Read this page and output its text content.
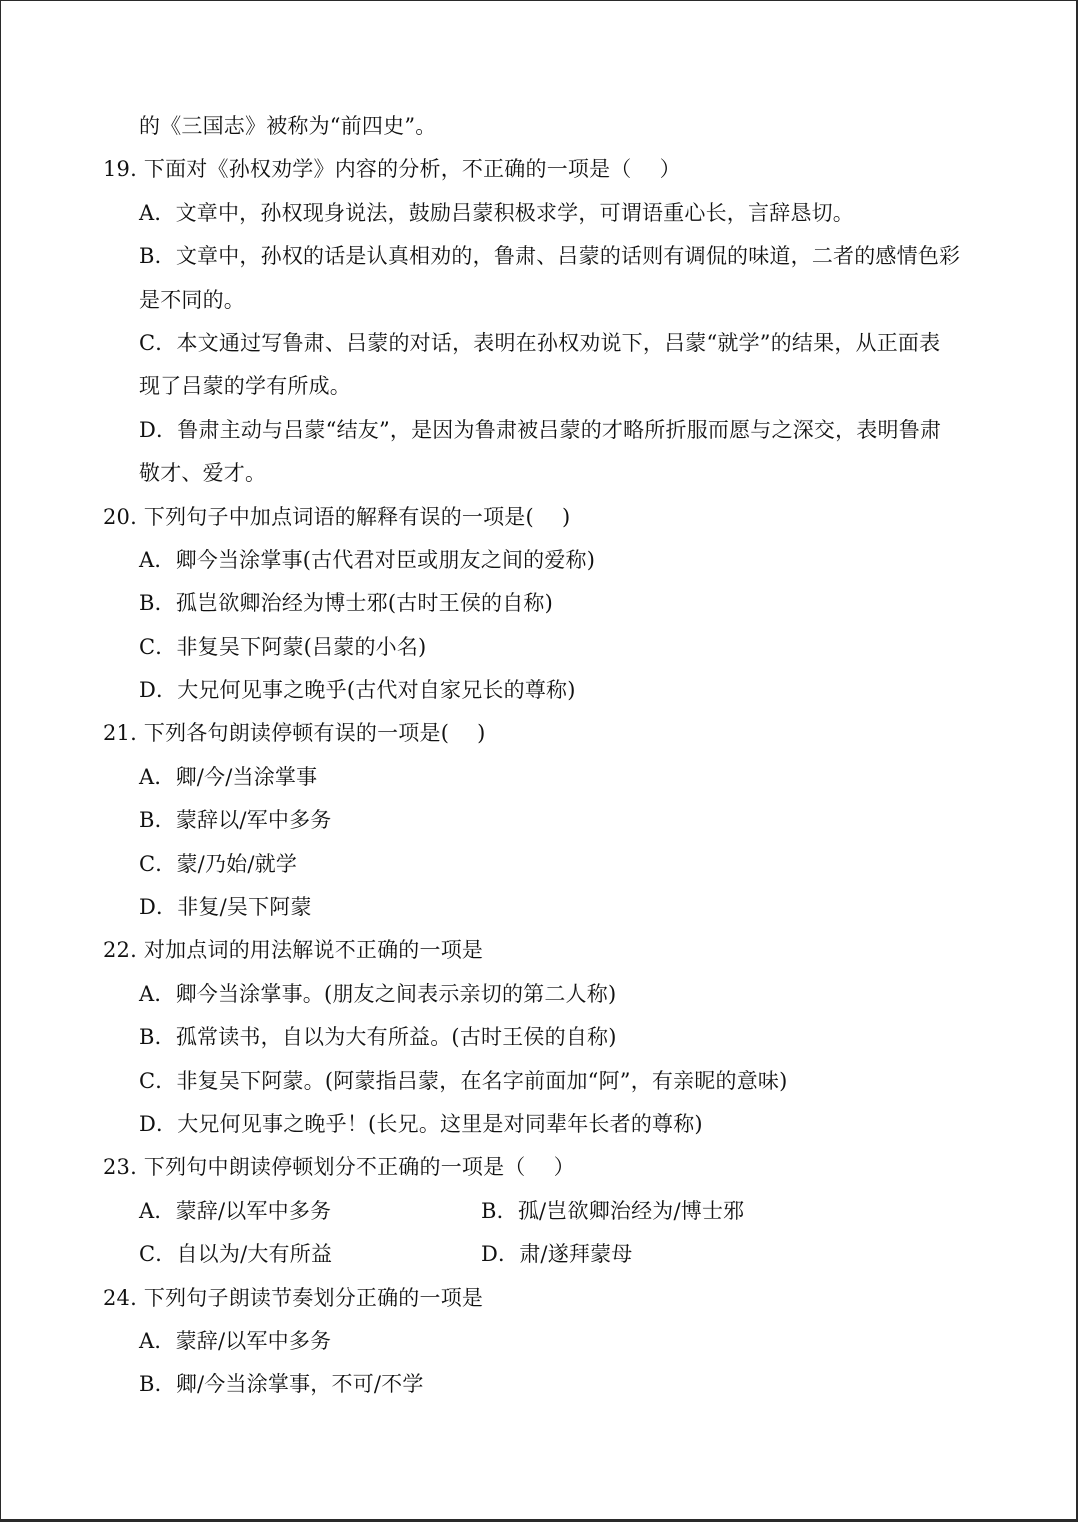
的《三国志》被称为“前四史”。
19. 下面对《孙权劝学》内容的分析，不正确的一项是（　 ）
A．文章中，孙权现身说法，鼓励吕蒙积极求学，可谓语重心长，言辞恳切。
B．文章中，孙权的话是认真相劝的，鲁肃、吕蒙的话则有调侃的味道，二者的感情色彩
是不同的。
C．本文通过写鲁肃、吕蒙的对话，表明在孙权劝说下，吕蒙“就学”的结果，从正面表
现了吕蒙的学有所成。
D．鲁肃主动与吕蒙“结友”，是因为鲁肃被吕蒙的才略所折服而愿与之深交，表明鲁肃
敬才、爱才。
20. 下列句子中加点词语的解释有误的一项是(　 )
A．卿今当涂掌事(古代君对臣或朋友之间的爱称)
B．孤岂欲卿治经为博士邪(古时王侯的自称)
C．非复吴下阿蒙(吕蒙的小名)
D．大兄何见事之晚乎(古代对自家兄长的尊称)
21. 下列各句朗读停顿有误的一项是(　 )
A．卿/今/当涂掌事
B．蒙辞以/军中多务
C．蒙/乃始/就学
D．非复/吴下阿蒙
22. 对加点词的用法解说不正确的一项是
A．卿今当涂掌事。(朋友之间表示亲切的第二人称)
B．孤常读书，自以为大有所益。(古时王侯的自称)
C．非复吴下阿蒙。(阿蒙指吕蒙，在名字前面加“阿”，有亲昵的意味)
D．大兄何见事之晚乎！(长兄。这里是对同辈年长者的尊称)
23. 下列句中朗读停顿划分不正确的一项是（　 ）
A．蒙辞/以军中多务	B．孤/岂欲卿治经为/博士邪
C．自以为/大有所益	D．肃/遂拜蒙母
24. 下列句子朗读节奏划分正确的一项是
A．蒙辞/以军中多务
B．卿/今当涂掌事，不可/不学
